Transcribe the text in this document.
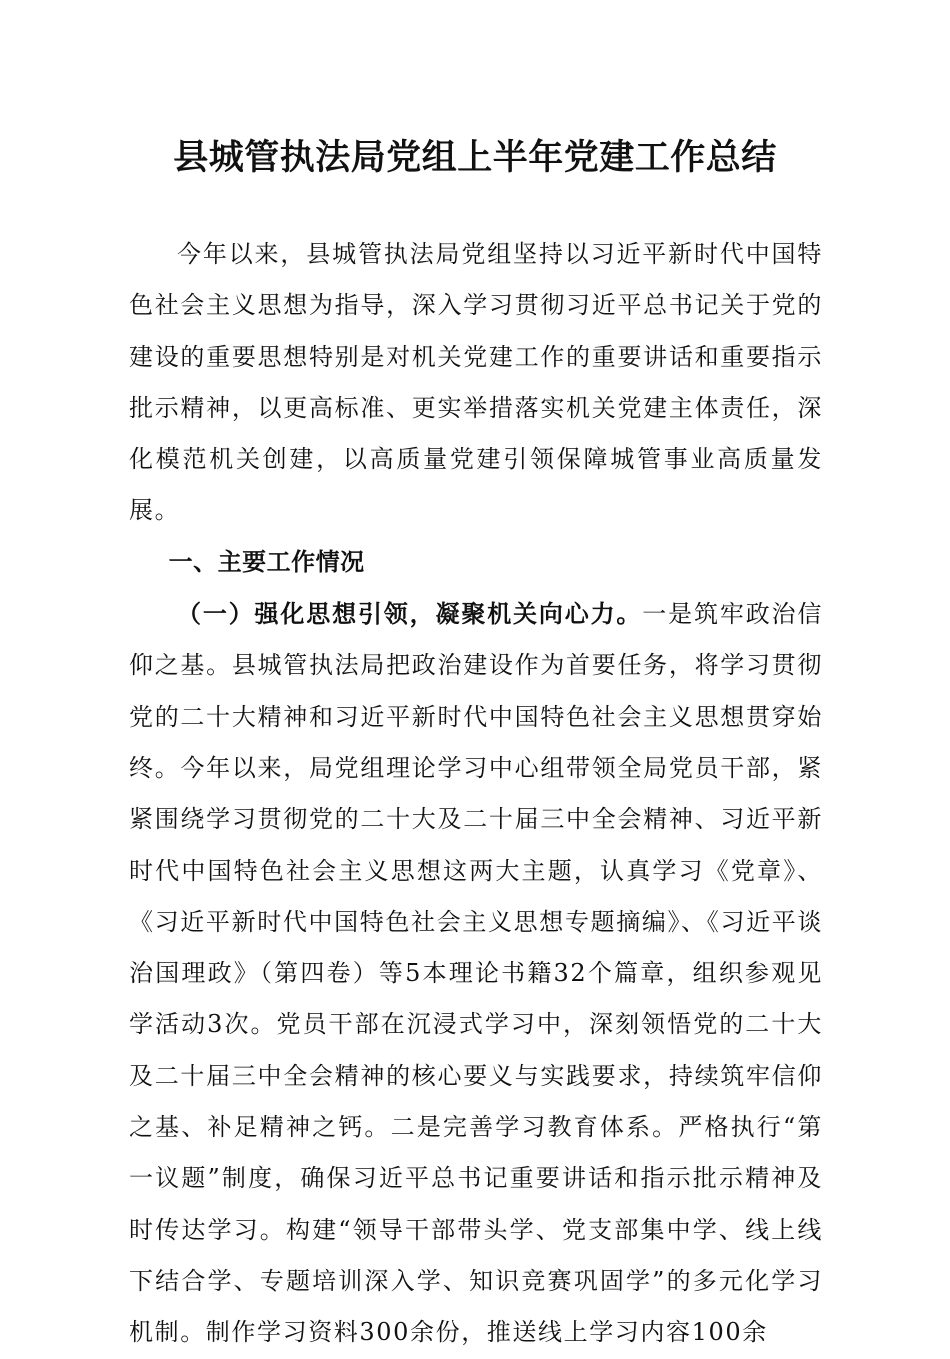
县城管执法局党组上半年党建工作总结

今年以来，县城管执法局党组坚持以习近平新时代中国特色社会主义思想为指导，深入学习贯彻习近平总书记关于党的建设的重要思想特别是对机关党建工作的重要讲话和重要指示批示精神，以更高标准、更实举措落实机关党建主体责任，深化模范机关创建，以高质量党建引领保障城管事业高质量发展。

一、主要工作情况

（一）强化思想引领，凝聚机关向心力。一是筑牢政治信仰之基。县城管执法局把政治建设作为首要任务，将学习贯彻党的二十大精神和习近平新时代中国特色社会主义思想贯穿始终。今年以来，局党组理论学习中心组带领全局党员干部，紧紧围绕学习贯彻党的二十大及二十届三中全会精神、习近平新时代中国特色社会主义思想这两大主题，认真学习《党章》、《习近平新时代中国特色社会主义思想专题摘编》、《习近平谈治国理政》（第四卷）等5本理论书籍32个篇章，组织参观见学活动3次。党员干部在沉浸式学习中，深刻领悟党的二十大及二十届三中全会精神的核心要义与实践要求，持续筑牢信仰之基、补足精神之钙。二是完善学习教育体系。严格执行“第一议题”制度，确保习近平总书记重要讲话和指示批示精神及时传达学习。构建“领导干部带头学、党支部集中学、线上线下结合学、专题培训深入学、知识竞赛巩固学”的多元化学习机制。制作学习资料300余份，推送线上学习内容100余
